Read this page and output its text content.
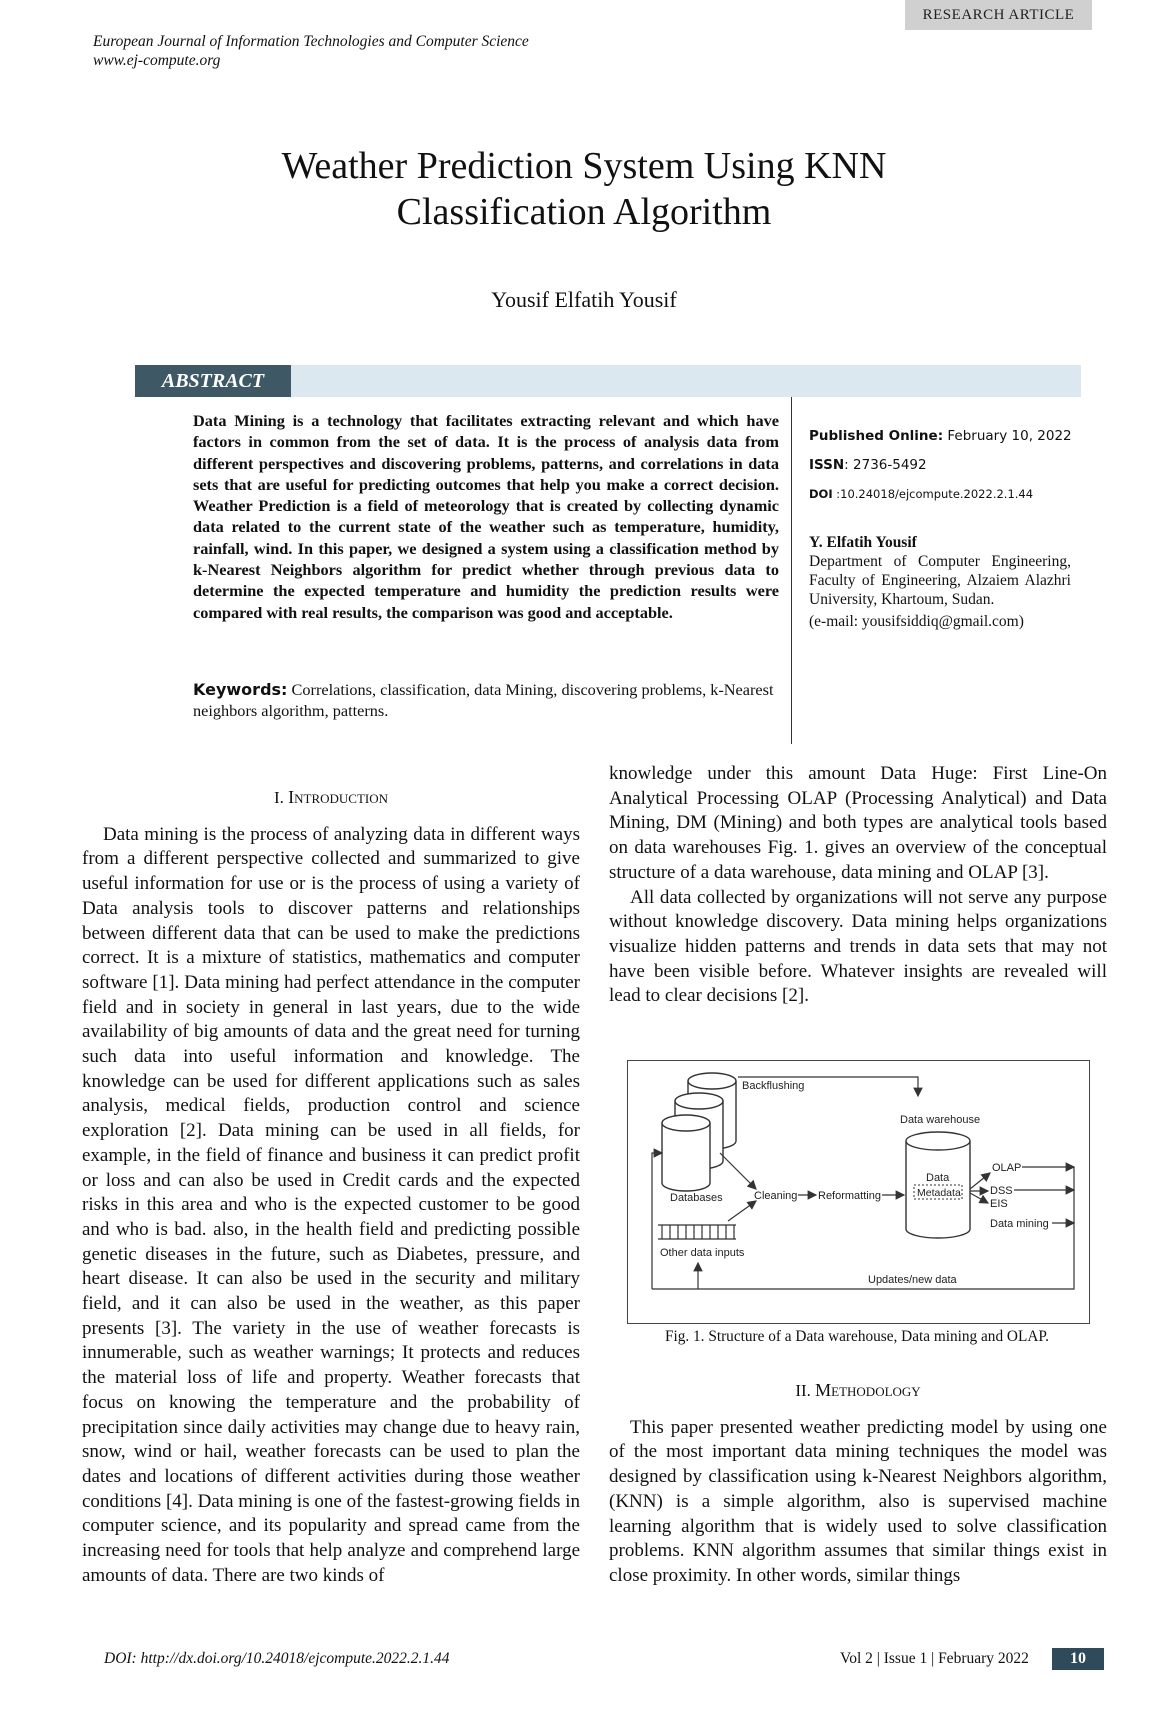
RESEARCH ARTICLE
European Journal of Information Technologies and Computer Science
www.ej-compute.org
Weather Prediction System Using KNN
Classification Algorithm
Yousif Elfatih Yousif
ABSTRACT
Data Mining is a technology that facilitates extracting relevant and which have factors in common from the set of data. It is the process of analysis data from different perspectives and discovering problems, patterns, and correlations in data sets that are useful for predicting outcomes that help you make a correct decision. Weather Prediction is a field of meteorology that is created by collecting dynamic data related to the current state of the weather such as temperature, humidity, rainfall, wind. In this paper, we designed a system using a classification method by k-Nearest Neighbors algorithm for predict whether through previous data to determine the expected temperature and humidity the prediction results were compared with real results, the comparison was good and acceptable.
Keywords: Correlations, classification, data Mining, discovering problems, k-Nearest neighbors algorithm, patterns.
Published Online: February 10, 2022
ISSN: 2736-5492
DOI :10.24018/ejcompute.2022.2.1.44
Y. Elfatih Yousif
Department of Computer Engineering, Faculty of Engineering, Alzaiem Alazhri University, Khartoum, Sudan.
(e-mail: yousifsiddiq@gmail.com)
I. Introduction

Data mining is the process of analyzing data in different ways from a different perspective collected and summarized to give useful information for use or is the process of using a variety of Data analysis tools to discover patterns and relationships between different data that can be used to make the predictions correct. It is a mixture of statistics, mathematics and computer software [1]. Data mining had perfect attendance in the computer field and in society in general in last years, due to the wide availability of big amounts of data and the great need for turning such data into useful information and knowledge. The knowledge can be used for different applications such as sales analysis, medical fields, production control and science exploration [2]. Data mining can be used in all fields, for example, in the field of finance and business it can predict profit or loss and can also be used in Credit cards and the expected risks in this area and who is the expected customer to be good and who is bad. also, in the health field and predicting possible genetic diseases in the future, such as Diabetes, pressure, and heart disease. It can also be used in the security and military field, and it can also be used in the weather, as this paper presents [3]. The variety in the use of weather forecasts is innumerable, such as weather warnings; It protects and reduces the material loss of life and property. Weather forecasts that focus on knowing the temperature and the probability of precipitation since daily activities may change due to heavy rain, snow, wind or hail, weather forecasts can be used to plan the dates and locations of different activities during those weather conditions [4]. Data mining is one of the fastest-growing fields in computer science, and its popularity and spread came from the increasing need for tools that help analyze and comprehend large amounts of data. There are two kinds of

knowledge under this amount Data Huge: First Line-On Analytical Processing OLAP (Processing Analytical) and Data Mining, DM (Mining) and both types are analytical tools based on data warehouses Fig. 1. gives an overview of the conceptual structure of a data warehouse, data mining and OLAP [3].

All data collected by organizations will not serve any purpose without knowledge discovery. Data mining helps organizations visualize hidden patterns and trends in data sets that may not have been visible before. Whatever insights are revealed will lead to clear decisions [2].

Backflushing
Databases
Other data inputs
Cleaning Reformatting
Data warehouse
Data
Metadata
OLAP
DSS
EIS
Data mining
Updates/new data
Fig. 1. Structure of a Data warehouse, Data mining and OLAP.
II. Methodology

This paper presented weather predicting model by using one of the most important data mining techniques the model was designed by classification using k-Nearest Neighbors algorithm, (KNN) is a simple algorithm, also is supervised machine learning algorithm that is widely used to solve classification problems. KNN algorithm assumes that similar things exist in close proximity. In other words, similar things

DOI: http://dx.doi.org/10.24018/ejcompute.2022.2.1.44	Vol 2 | Issue 1 | February 2022	10
